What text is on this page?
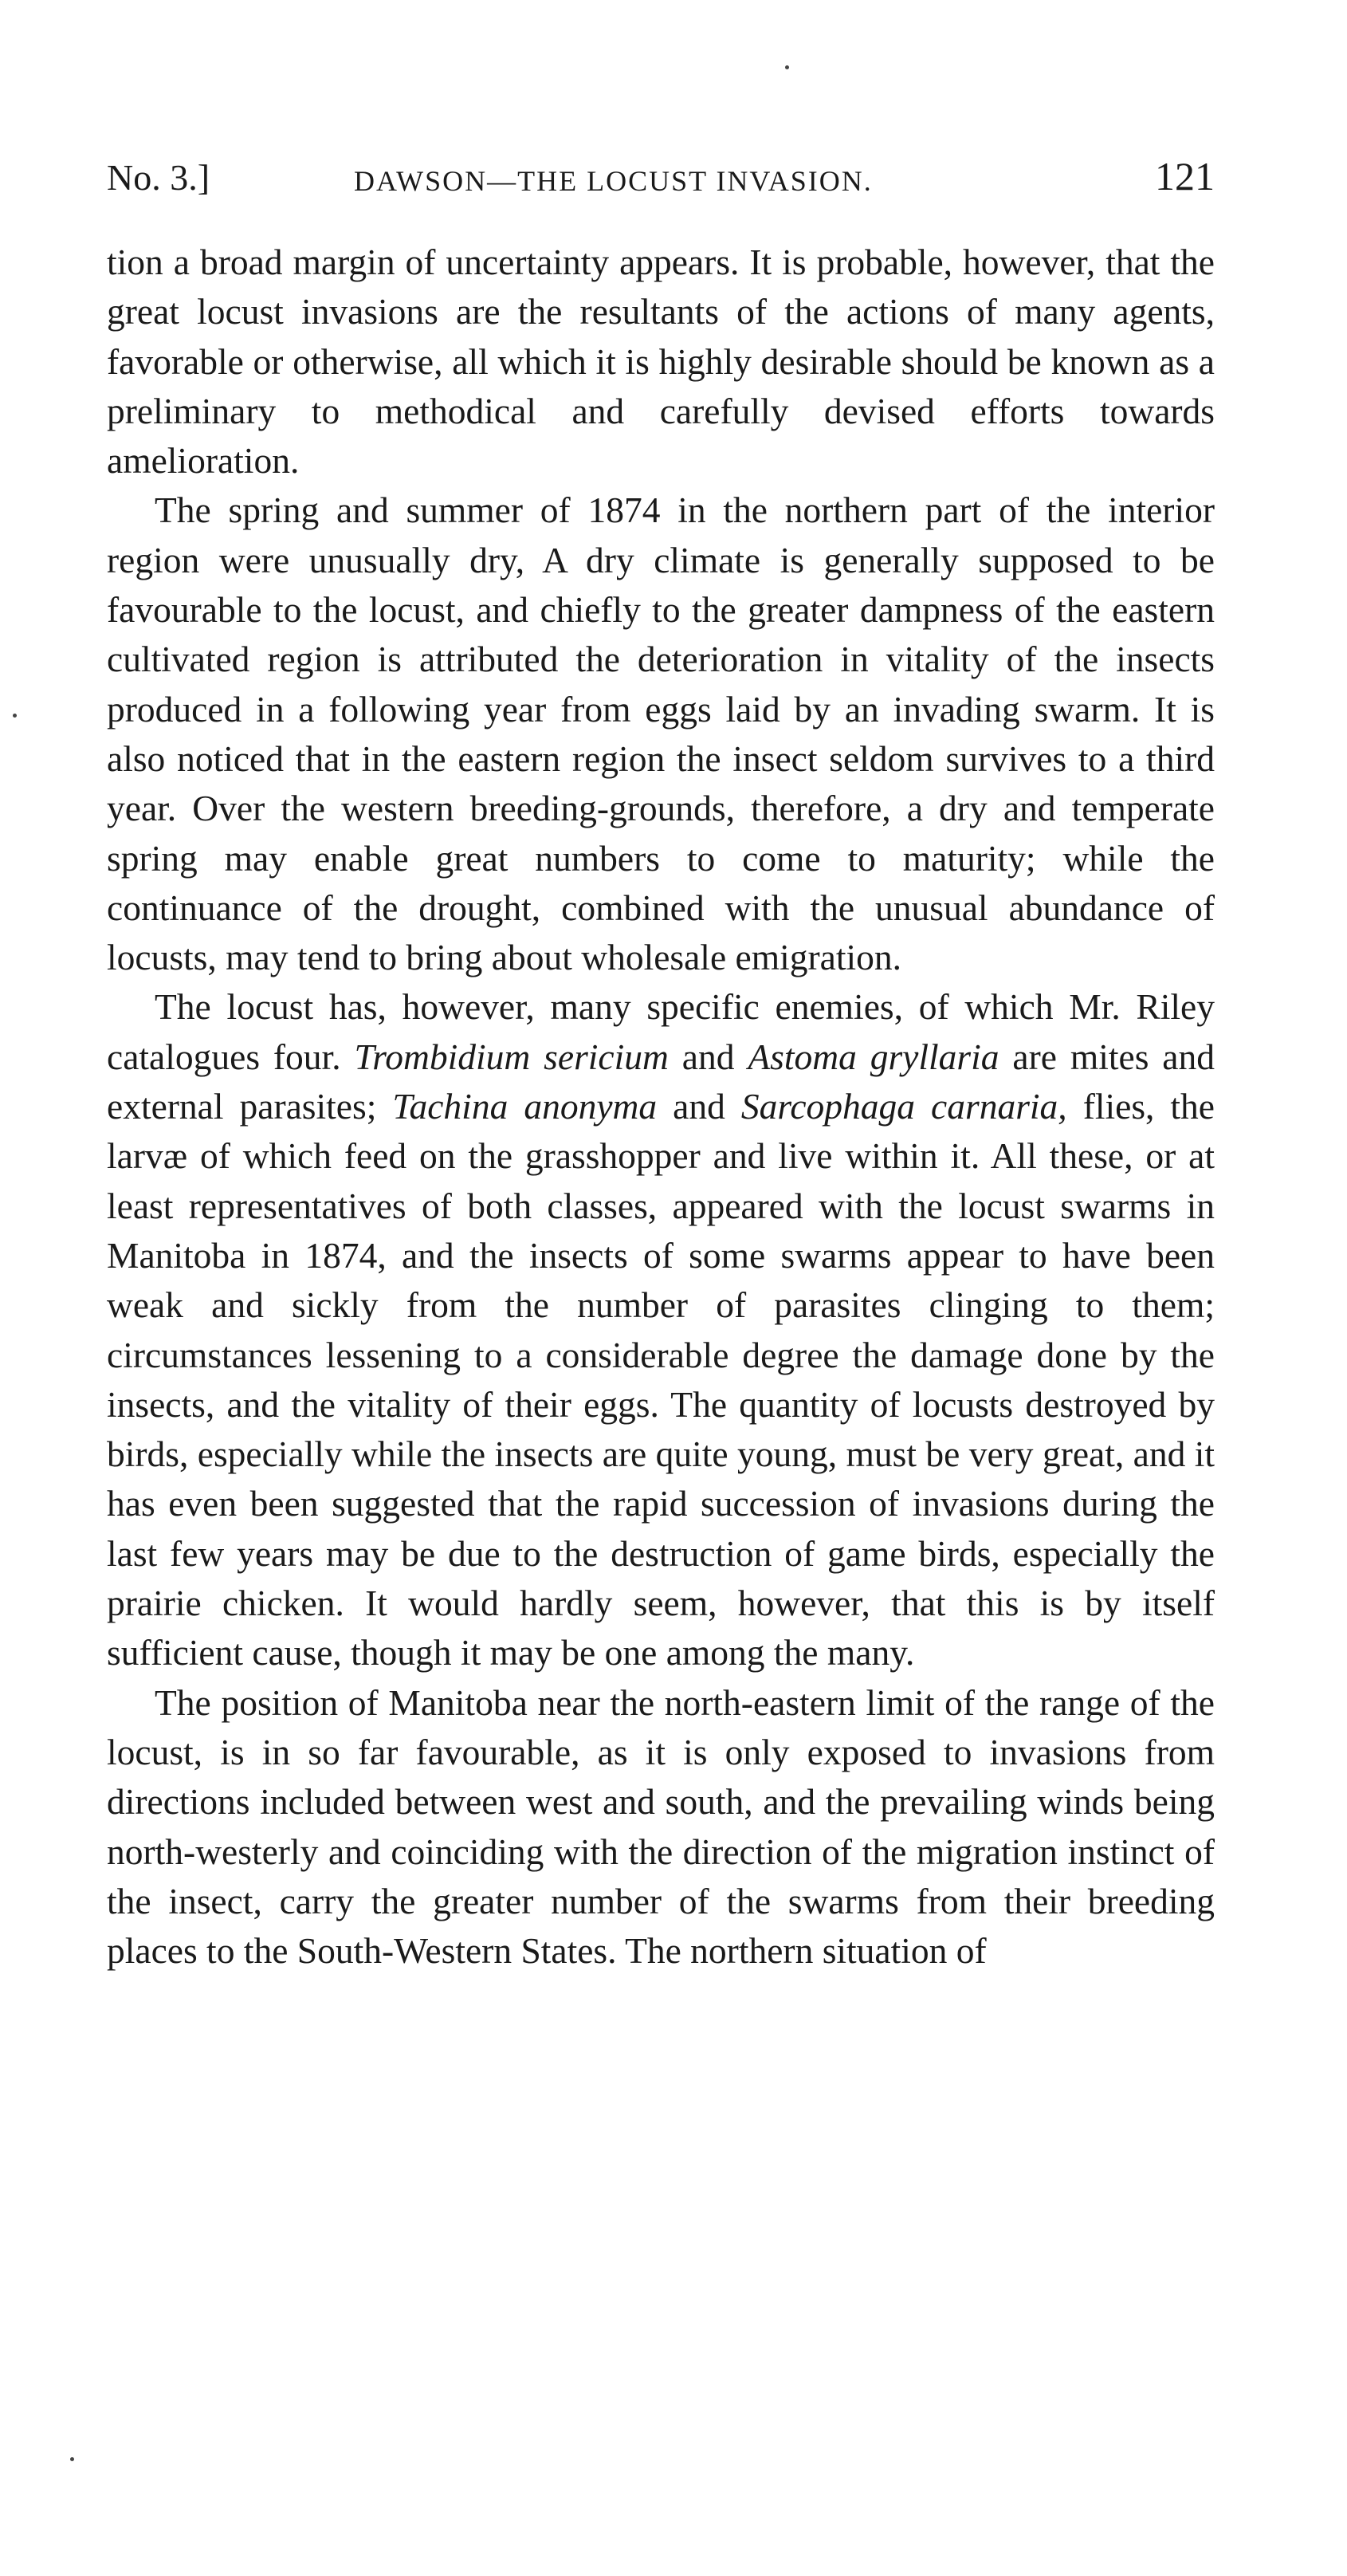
No. 3.]	DAWSON—THE LOCUST INVASION.	121

tion a broad margin of uncertainty appears. It is probable, however, that the great locust invasions are the resultants of the actions of many agents, favorable or otherwise, all which it is highly desirable should be known as a preliminary to methodical and carefully devised efforts towards amelioration.

The spring and summer of 1874 in the northern part of the interior region were unusually dry, A dry climate is generally supposed to be favourable to the locust, and chiefly to the greater dampness of the eastern cultivated region is attributed the deterioration in vitality of the insects produced in a following year from eggs laid by an invading swarm. It is also noticed that in the eastern region the insect seldom survives to a third year. Over the western breeding-grounds, therefore, a dry and temperate spring may enable great numbers to come to maturity; while the continuance of the drought, combined with the unusual abundance of locusts, may tend to bring about wholesale emigration.

The locust has, however, many specific enemies, of which Mr. Riley catalogues four. Trombidium sericium and Astoma gryllaria are mites and external parasites; Tachina anonyma and Sarcophaga carnaria, flies, the larvæ of which feed on the grasshopper and live within it. All these, or at least representatives of both classes, appeared with the locust swarms in Manitoba in 1874, and the insects of some swarms appear to have been weak and sickly from the number of parasites clinging to them; circumstances lessening to a considerable degree the damage done by the insects, and the vitality of their eggs. The quantity of locusts destroyed by birds, especially while the insects are quite young, must be very great, and it has even been suggested that the rapid succession of invasions during the last few years may be due to the destruction of game birds, especially the prairie chicken. It would hardly seem, however, that this is by itself sufficient cause, though it may be one among the many.

The position of Manitoba near the north-eastern limit of the range of the locust, is in so far favourable, as it is only exposed to invasions from directions included between west and south, and the prevailing winds being north-westerly and coinciding with the direction of the migration instinct of the insect, carry the greater number of the swarms from their breeding places to the South-Western States. The northern situation of
